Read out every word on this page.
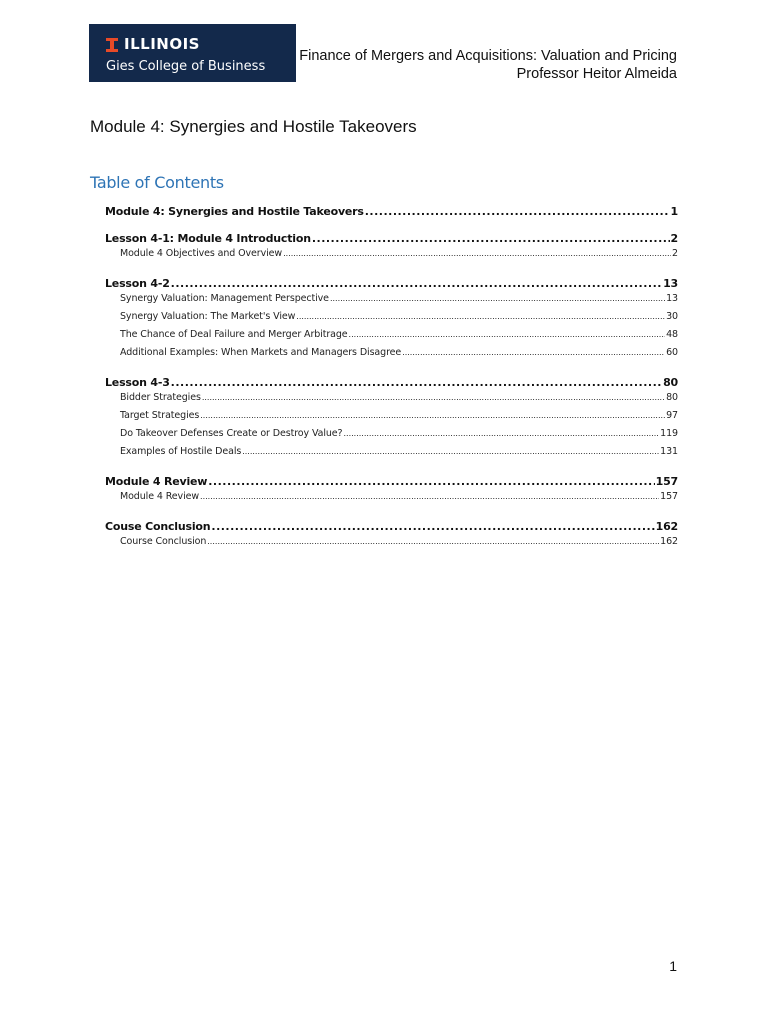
ILLINOIS
Gies College of Business
Finance of Mergers and Acquisitions: Valuation and Pricing
Professor Heitor Almeida
Module 4: Synergies and Hostile Takeovers
Table of Contents
Module 4: Synergies and Hostile Takeovers .....	1
Lesson 4-1: Module 4 Introduction .....	2
Module 4 Objectives and Overview .....	2
Lesson 4-2 .....	13
Synergy Valuation: Management Perspective .....	13
Synergy Valuation: The Market's View .....	30
The Chance of Deal Failure and Merger Arbitrage .....	48
Additional Examples: When Markets and Managers Disagree .....	60
Lesson 4-3 .....	80
Bidder Strategies .....	80
Target Strategies .....	97
Do Takeover Defenses Create or Destroy Value? .....	119
Examples of Hostile Deals .....	131
Module 4 Review .....	157
Module 4 Review .....	157
Couse Conclusion .....	162
Course Conclusion .....	162
1
